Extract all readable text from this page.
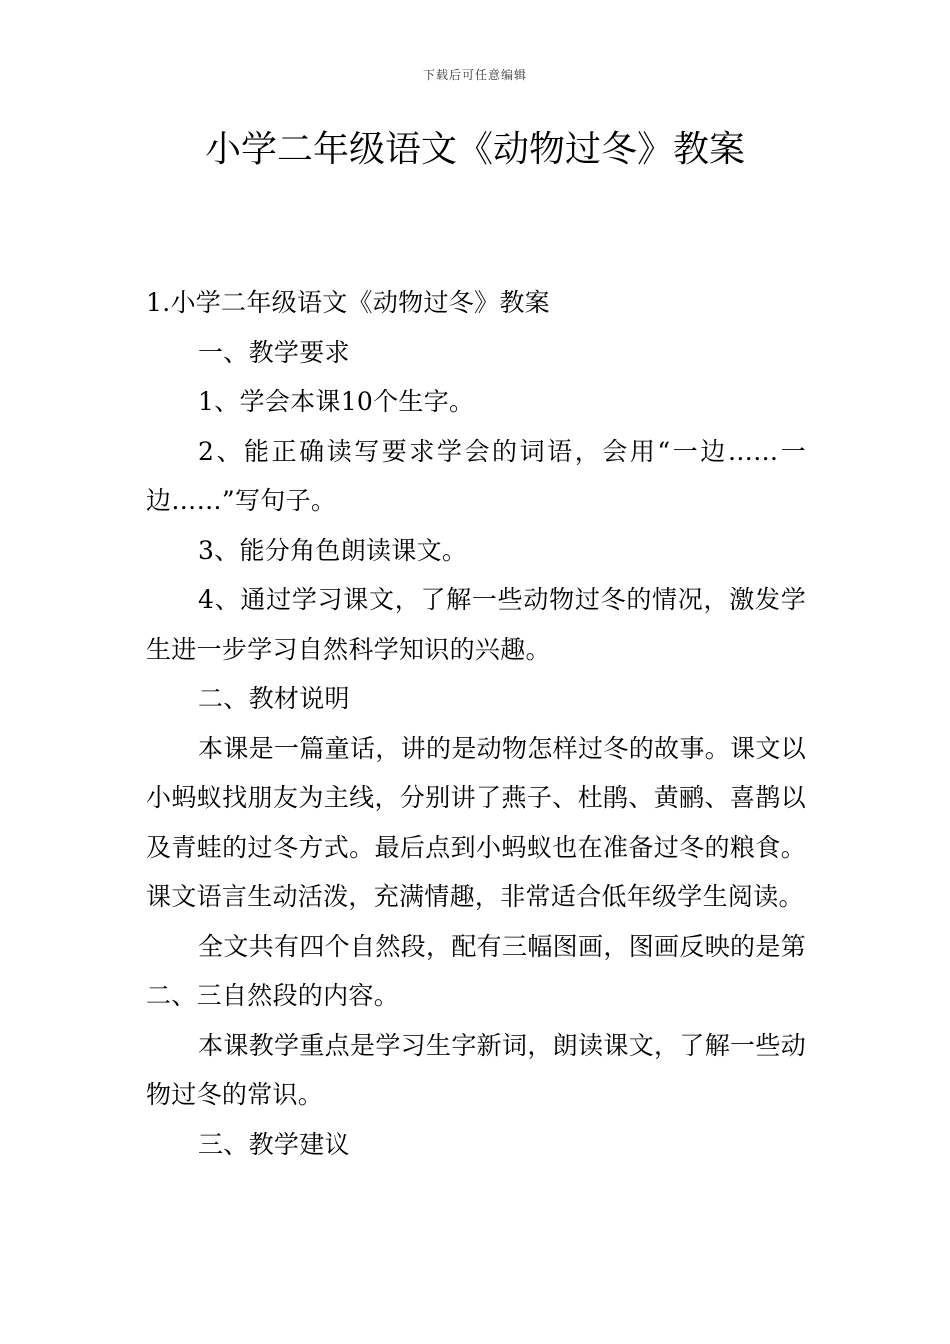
下载后可任意编辑
小学二年级语文《动物过冬》教案

1.小学二年级语文《动物过冬》教案

一、教学要求

1、学会本课10个生字。

2、能正确读写要求学会的词语，会用“一边……一边……”写句子。

3、能分角色朗读课文。

4、通过学习课文，了解一些动物过冬的情况，激发学生进一步学习自然科学知识的兴趣。

二、教材说明

本课是一篇童话，讲的是动物怎样过冬的故事。课文以小蚂蚁找朋友为主线，分别讲了燕子、杜鹃、黄鹂、喜鹊以及青蛙的过冬方式。最后点到小蚂蚁也在准备过冬的粮食。课文语言生动活泼，充满情趣，非常适合低年级学生阅读。

全文共有四个自然段，配有三幅图画，图画反映的是第二、三自然段的内容。

本课教学重点是学习生字新词，朗读课文，了解一些动物过冬的常识。

三、教学建议
